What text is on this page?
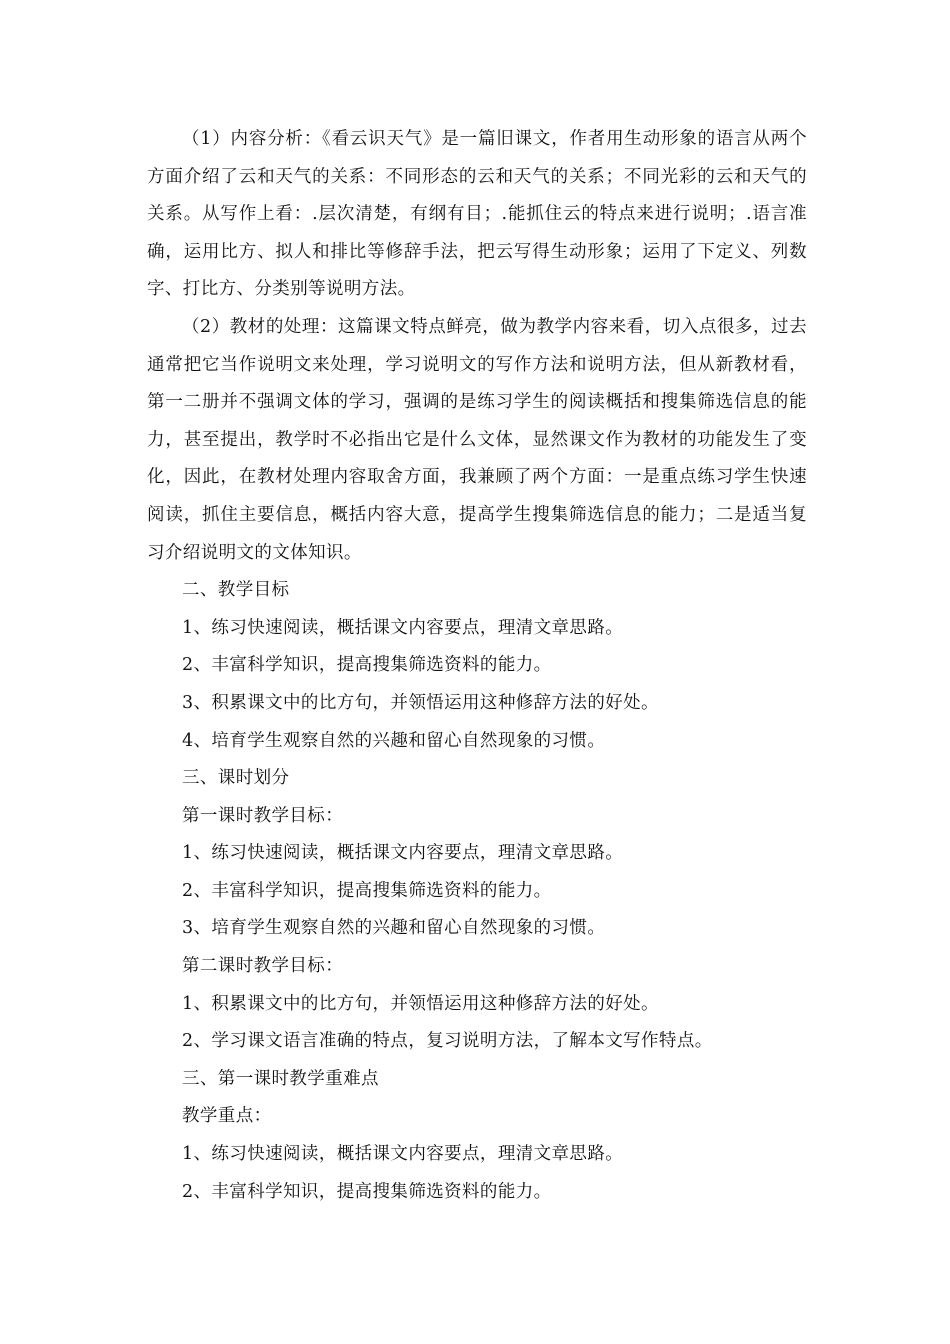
（1）内容分析：《看云识天气》是一篇旧课文，作者用生动形象的语言从两个方面介绍了云和天气的关系：不同形态的云和天气的关系；不同光彩的云和天气的关系。从写作上看：.层次清楚，有纲有目；.能抓住云的特点来进行说明；.语言准确，运用比方、拟人和排比等修辞手法，把云写得生动形象；运用了下定义、列数字、打比方、分类别等说明方法。

（2）教材的处理：这篇课文特点鲜亮，做为教学内容来看，切入点很多，过去通常把它当作说明文来处理，学习说明文的写作方法和说明方法，但从新教材看，第一二册并不强调文体的学习，强调的是练习学生的阅读概括和搜集筛选信息的能力，甚至提出，教学时不必指出它是什么文体，显然课文作为教材的功能发生了变化，因此，在教材处理内容取舍方面，我兼顾了两个方面：一是重点练习学生快速阅读，抓住主要信息，概括内容大意，提高学生搜集筛选信息的能力；二是适当复习介绍说明文的文体知识。

二、教学目标

1、练习快速阅读，概括课文内容要点，理清文章思路。

2、丰富科学知识，提高搜集筛选资料的能力。

3、积累课文中的比方句，并领悟运用这种修辞方法的好处。

4、培育学生观察自然的兴趣和留心自然现象的习惯。

三、课时划分

第一课时教学目标：

1、练习快速阅读，概括课文内容要点，理清文章思路。

2、丰富科学知识，提高搜集筛选资料的能力。

3、培育学生观察自然的兴趣和留心自然现象的习惯。

第二课时教学目标：

1、积累课文中的比方句，并领悟运用这种修辞方法的好处。

2、学习课文语言准确的特点，复习说明方法，了解本文写作特点。

三、第一课时教学重难点

教学重点：

1、练习快速阅读，概括课文内容要点，理清文章思路。

2、丰富科学知识，提高搜集筛选资料的能力。
